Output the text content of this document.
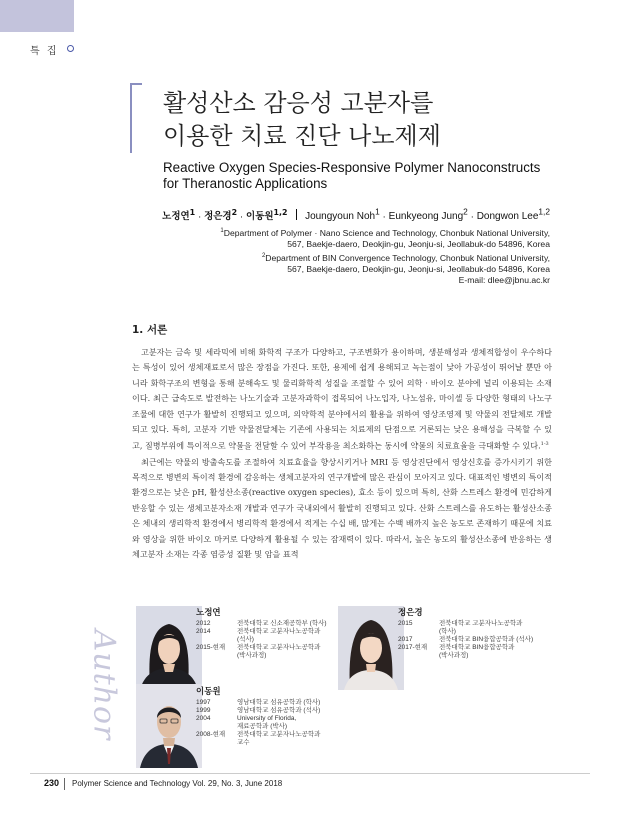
특 집
활성산소 감응성 고분자를
이용한 치료 진단 나노제제
Reactive Oxygen Species-Responsive Polymer Nanoconstructs
for Theranostic Applications
노정연$^1$ · 정은경$^2$ · 이동원$^{1,2}$ Joungyoun Noh$^1$ · Eunkyeong Jung$^2$ · Dongwon Lee$^{1,2}$
$^1$Department of Polymer · Nano Science and Technology, Chonbuk National University,
567, Baekje-daero, Deokjin-gu, Jeonju-si, Jeollabuk-do 54896, Korea
$^2$Department of BIN Convergence Technology, Chonbuk National University,
567, Baekje-daero, Deokjin-gu, Jeonju-si, Jeollabuk-do 54896, Korea
E-mail: dlee@jbnu.ac.kr
1. 서론

고분자는 금속 및 세라믹에 비해 화학적 구조가 다양하고, 구조변화가 용이하며, 생분해성과 생체적합성이 우수하다는 특성이 있어 생체재료로서 많은 장점을 가진다. 또한, 용제에 쉽게 용해되고 녹는점이 낮아 가공성이 뛰어날 뿐만 아니라 화학구조의 변형을 통해 분해속도 및 물리화학적 성질을 조절할 수 있어 의학 · 바이오 분야에 널리 이용되는 소재이다. 최근 급속도로 발전하는 나노기술과 고분자과학이 접목되어 나노입자, 나노섬유, 마이셀 등 다양한 형태의 나노구조물에 대한 연구가 활발히 진행되고 있으며, 의약학적 분야에서의 활용을 위하여 영상조영제 및 약물의 전달체로 개발되고 있다. 특히, 고분자 기반 약물전달체는 기존에 사용되는 치료제의 단점으로 거론되는 낮은 용해성을 극복할 수 있고, 질병부위에 특이적으로 약물을 전달할 수 있어 부작용을 최소화하는 동시에 약물의 치료효율을 극대화할 수 있다.$^{1-3}$

최근에는 약물의 방출속도를 조절하여 치료효율을 향상시키거나 MRI 등 영상진단에서 영상신호를 증가시키기 위한 목적으로 병변의 특이적 환경에 감응하는 생체고분자의 연구개발에 많은 관심이 모아지고 있다. 대표적인 병변의 특이적 환경으로는 낮은 pH, 활성산소종(reactive oxygen species), 효소 등이 있으며 특히, 산화 스트레스 환경에 민감하게 반응할 수 있는 생체고분자소재 개발과 연구가 국내외에서 활발히 진행되고 있다. 산화 스트레스를 유도하는 활성산소종은 체내의 생리학적 환경에서 병리학적 환경에서 적게는 수십 배, 많게는 수백 배까지 높은 농도로 존재하기 때문에 치료와 영상을 위한 바이오 마커로 다양하게 활용될 수 있는 잠재력이 있다. 따라서, 높은 농도의 활성산소종에 반응하는 생체고분자 소재는 각종 염증성 질환 및 암을 표적

Author
노정연
2012	전북대학교 신소재공학부 (학사)
2014	전북대학교 고분자나노공학과
(석사)
2015-현재	전북대학교 고분자나노공학과
(박사과정)
정은경
2015	전북대학교 고분자나노공학과
(학사)
2017	전북대학교 BIN융합공학과 (석사)
2017-현재	전북대학교 BIN융합공학과
(박사과정)
이동원
1997	영남대학교 섬유공학과 (학사)
1999	영남대학교 섬유공학과 (석사)
2004	University of Florida,
재료공학과 (박사)
2008-현재	전북대학교 고분자나노공학과
교수
230 Polymer Science and Technology Vol. 29, No. 3, June 2018
